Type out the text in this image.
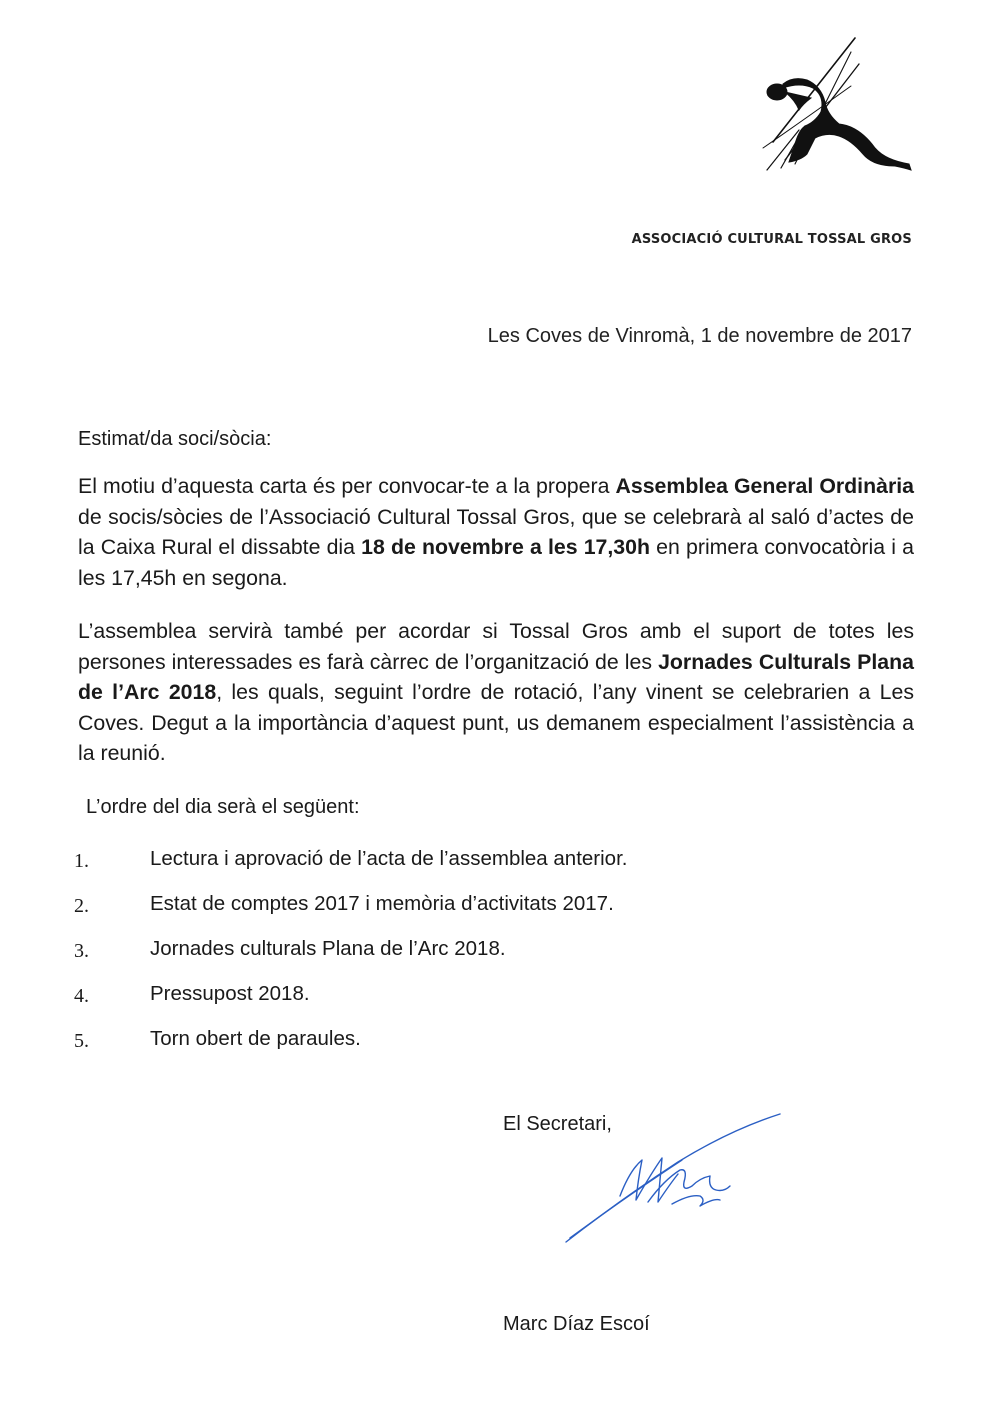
ASSOCIACIÓ CULTURAL TOSSAL GROS
Les Coves de Vinromà, 1 de novembre de 2017
Estimat/da soci/sòcia:

El motiu d’aquesta carta és per convocar-te a la propera Assemblea General Ordinària de socis/sòcies de l’Associació Cultural Tossal Gros, que se celebrarà al saló d’actes de la Caixa Rural el dissabte dia 18 de novembre a les 17,30h en primera convocatòria i a les 17,45h en segona.

L’assemblea servirà també per acordar si Tossal Gros amb el suport de totes les persones interessades es farà càrrec de l’organització de les Jornades Culturals Plana de l’Arc 2018, les quals, seguint l’ordre de rotació, l’any vinent se celebrarien a Les Coves. Degut a la importància d’aquest punt, us demanem especialment l’assistència a la reunió.

L’ordre del dia serà el següent:
1.	Lectura i aprovació de l’acta de l’assemblea anterior.
2.	Estat de comptes 2017 i memòria d’activitats 2017.
3.	Jornades culturals Plana de l’Arc 2018.
4.	Pressupost 2018.
5.	Torn obert de paraules.
El Secretari,
Marc Díaz Escoí
